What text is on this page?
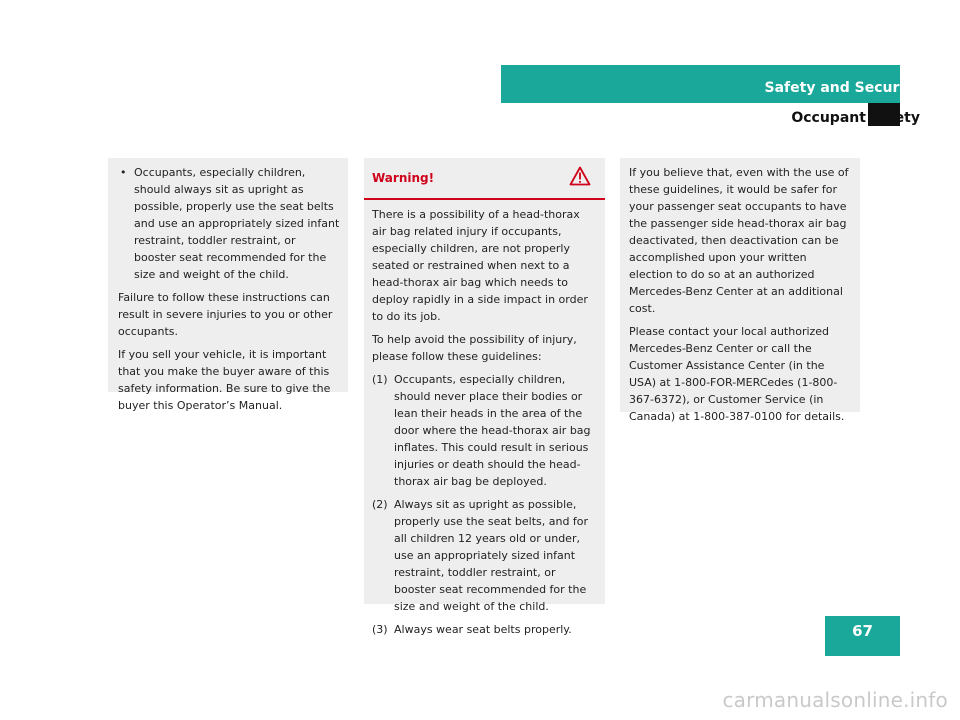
Safety and Security
Occupant safety
• Occupants, especially children, should always sit as upright as possible, properly use the seat belts and use an appropriately sized infant restraint, toddler restraint, or booster seat recommended for the size and weight of the child.

Failure to follow these instructions can result in severe injuries to you or other occupants.

If you sell your vehicle, it is important that you make the buyer aware of this safety information. Be sure to give the buyer this Operator’s Manual.

Warning!

There is a possibility of a head-thorax air bag related injury if occupants, especially children, are not properly seated or restrained when next to a head-thorax air bag which needs to deploy rapidly in a side impact in order to do its job.

To help avoid the possibility of injury, please follow these guidelines:

(1) Occupants, especially children, should never place their bodies or lean their heads in the area of the door where the head-thorax air bag inflates. This could result in serious injuries or death should the head-thorax air bag be deployed.
(2) Always sit as upright as possible, properly use the seat belts, and for all children 12 years old or under, use an appropriately sized infant restraint, toddler restraint, or booster seat recommended for the size and weight of the child.
(3) Always wear seat belts properly.

If you believe that, even with the use of these guidelines, it would be safer for your passenger seat occupants to have the passenger side head-thorax air bag deactivated, then deactivation can be accomplished upon your written election to do so at an authorized Mercedes-Benz Center at an additional cost.

Please contact your local authorized Mercedes-Benz Center or call the Customer Assistance Center (in the USA) at 1-800-FOR-MERCedes (1-800-367-6372), or Customer Service (in Canada) at 1-800-387-0100 for details.

67
carmanualsonline.info
